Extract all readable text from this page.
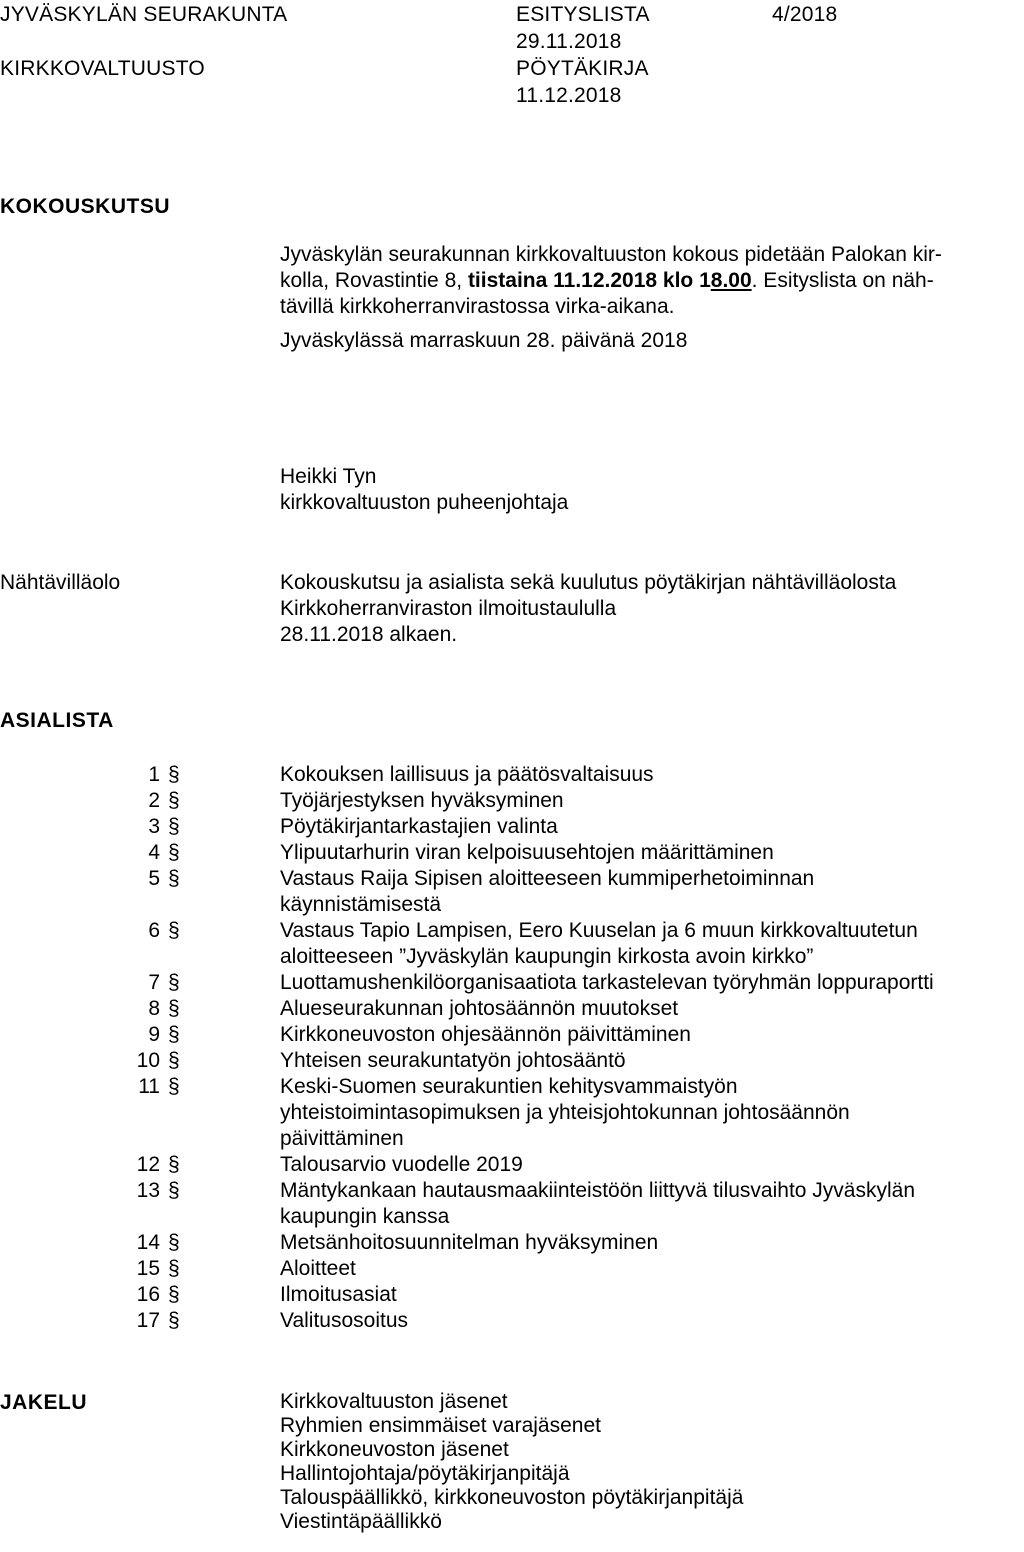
JYVÄSKYLÄN SEURAKUNTA
KIRKKOVALTUUSTO
ESITYSLISTA
29.11.2018
PÖYTÄKIRJA
11.12.2018
4/2018
KOKOUSKUTSU
Jyväskylän seurakunnan kirkkovaltuuston kokous pidetään Palokan kir-
kolla, Rovastintie 8, tiistaina 11.12.2018 klo 18.00. Esityslista on näh-
tävillä kirkkoherranvirastossa virka-aikana.
Jyväskylässä marraskuun 28. päivänä 2018
Heikki Tyn
kirkkovaltuuston puheenjohtaja
Nähtävilläolo	Kokouskutsu ja asialista sekä kuulutus pöytäkirjan nähtävilläolosta
Kirkkoherranviraston ilmoitustaululla
28.11.2018 alkaen.
ASIALISTA
1 §	Kokouksen laillisuus ja päätösvaltaisuus
2 §	Työjärjestyksen hyväksyminen
3 §	Pöytäkirjantarkastajien valinta
4 §	Ylipuutarhurin viran kelpoisuusehtojen määrittäminen
5 §	Vastaus Raija Sipisen aloitteeseen kummiperhetoiminnan
käynnistämisestä
6 §	Vastaus Tapio Lampisen, Eero Kuuselan ja 6 muun kirkkovaltuutetun
aloitteeseen ”Jyväskylän kaupungin kirkosta avoin kirkko”
7 §	Luottamushenkilöorganisaatiota tarkastelevan työryhmän loppuraportti
8 §	Alueseurakunnan johtosäännön muutokset
9 §	Kirkkoneuvoston ohjesäännön päivittäminen
10 §	Yhteisen seurakuntatyön johtosääntö
11 §	Keski-Suomen seurakuntien kehitysvammaistyön
yhteistoimintasopimuksen ja yhteisjohtokunnan johtosäännön
päivittäminen
12 §	Talousarvio vuodelle 2019
13 §	Mäntykankaan hautausmaakiinteistöön liittyvä tilusvaihto Jyväskylän
kaupungin kanssa
14 §	Metsänhoitosuunnitelman hyväksyminen
15 §	Aloitteet
16 §	Ilmoitusasiat
17 §	Valitusosoitus
JAKELU	Kirkkovaltuuston jäsenet
Ryhmien ensimmäiset varajäsenet
Kirkkoneuvoston jäsenet
Hallintojohtaja/pöytäkirjanpitäjä
Talouspäällikkö, kirkkoneuvoston pöytäkirjanpitäjä
Viestintäpäällikkö
